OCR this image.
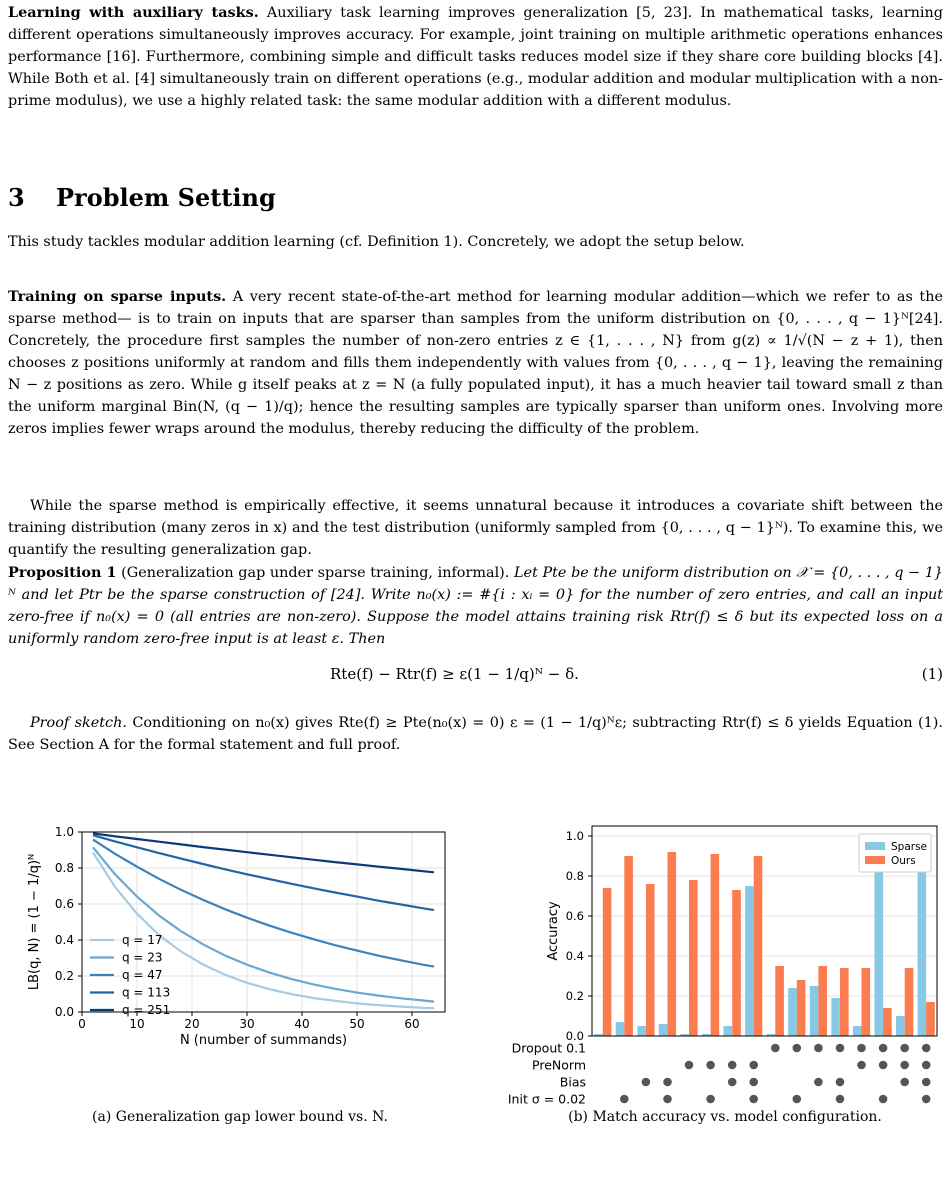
Learning with auxiliary tasks. Auxiliary task learning improves generalization [5, 23]. In mathematical tasks, learning different operations simultaneously improves accuracy. For example, joint training on multiple arithmetic operations enhances performance [16]. Furthermore, combining simple and difficult tasks reduces model size if they share core building blocks [4]. While Both et al. [4] simultaneously train on different operations (e.g., modular addition and modular multiplication with a non-prime modulus), we use a highly related task: the same modular addition with a different modulus.

3 Problem Setting

This study tackles modular addition learning (cf. Definition 1). Concretely, we adopt the setup below.

Training on sparse inputs. A very recent state-of-the-art method for learning modular addition—which we refer to as the sparse method— is to train on inputs that are sparser than samples from the uniform distribution on {0, . . . , q − 1}ᴺ[24]. Concretely, the procedure first samples the number of non-zero entries z ∈ {1, . . . , N} from g(z) ∝ 1/√(N − z + 1), then chooses z positions uniformly at random and fills them independently with values from {0, . . . , q − 1}, leaving the remaining N − z positions as zero. While g itself peaks at z = N (a fully populated input), it has a much heavier tail toward small z than the uniform marginal Bin(N, (q − 1)/q); hence the resulting samples are typically sparser than uniform ones. Involving more zeros implies fewer wraps around the modulus, thereby reducing the difficulty of the problem.

While the sparse method is empirically effective, it seems unnatural because it introduces a covariate shift between the training distribution (many zeros in x) and the test distribution (uniformly sampled from {0, . . . , q − 1}ᴺ). To examine this, we quantify the resulting generalization gap.

Proposition 1 (Generalization gap under sparse training, informal). Let Pte be the uniform distribution on 𝒳 = {0, . . . , q − 1}ᴺ and let Ptr be the sparse construction of [24]. Write n₀(x) := #{i : xᵢ = 0} for the number of zero entries, and call an input zero-free if n₀(x) = 0 (all entries are non-zero). Suppose the model attains training risk Rtr(f) ≤ δ but its expected loss on a uniformly random zero-free input is at least ε. Then

Rte(f) − Rtr(f) ≥ ε(1 − 1/q)ᴺ − δ.	(1)

Proof sketch. Conditioning on n₀(x) gives Rte(f) ≥ Pte(n₀(x) = 0) ε = (1 − 1/q)ᴺε; subtracting Rtr(f) ≤ δ yields Equation (1). See Section A for the formal statement and full proof.

0	10	20	30	40	50	60
0.0
0.2
0.4
0.6
0.8
1.0
q = 17
q = 23
q = 47
q = 113
q = 251
N (number of summands)
LB(q, N) = (1 − 1/q)ᴺ
0.0
0.2
0.4
0.6
0.8
1.0
Sparse
Ours
Accuracy
Dropout 0.1
PreNorm
Bias
Init σ = 0.02
(a) Generalization gap lower bound vs. N.	(b) Match accuracy vs. model configuration.
